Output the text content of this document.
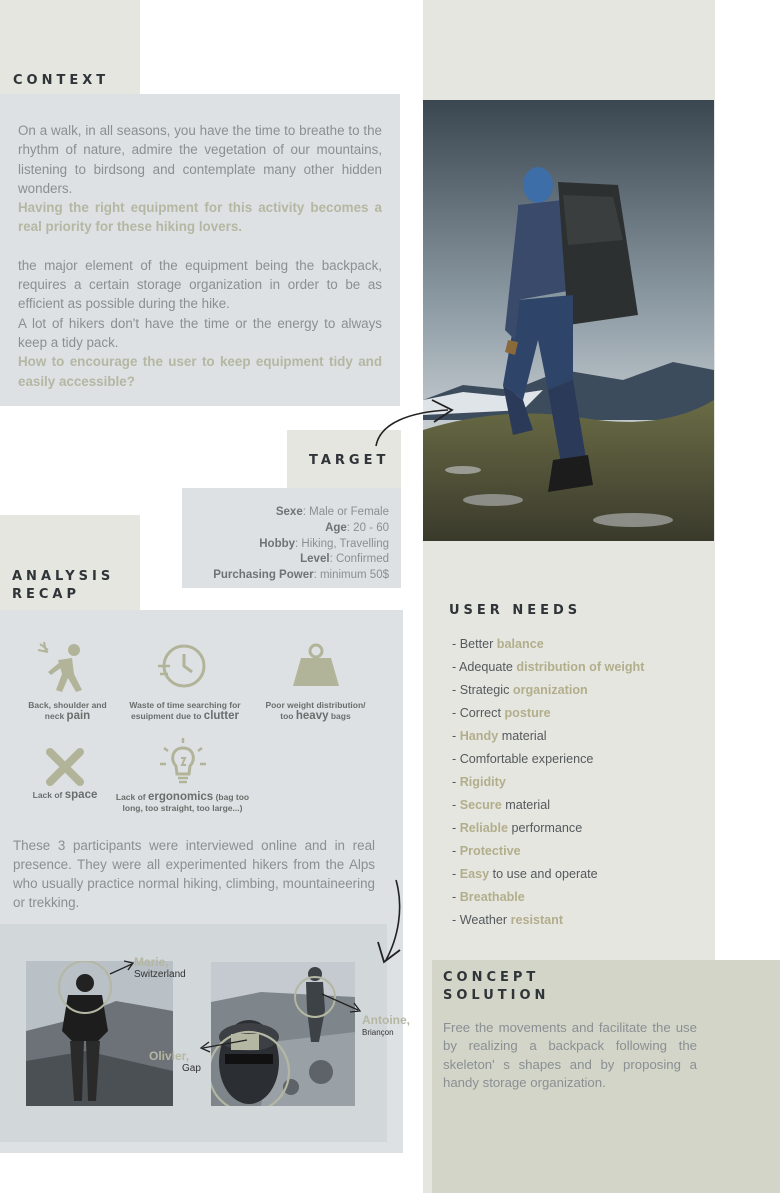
CONTEXT

On a walk, in all seasons, you have the time to breathe to the rhythm of nature, admire the vegetation of our mountains, listening to birdsong and contemplate many other hidden wonders.
Having the right equipment for this activity becomes a real priority for these hiking lovers.

the major element of the equipment being the backpack, requires a certain storage organization in order to be as efficient as possible during the hike.
A lot of hikers don't have the time or the energy to always keep a tidy pack.
How to encourage the user to keep equipment tidy and easily accessible?

TARGET
Sexe: Male or Female
Age: 20 - 60
Hobby: Hiking, Travelling
Level: Confirmed
Purchasing Power: minimum 50$
ANALYSIS
RECAP
Back, shoulder and neck pain
Waste of time searching for esuipment due to clutter
Poor weight distribution/ too heavy bags
Lack of space	Lack of ergonomics (bag too long, too straight, too large...)
These 3 participants were interviewed online and in real presence. They were all experimented hikers from the Alps who usually practice normal hiking, climbing, mountaineering or trekking.
Marie,
Switzerland
Olivier,
Gap
Antoine,
Briançon
USER NEEDS
- Better balance
- Adequate distribution of weight
- Strategic organization
- Correct posture
- Handy material
- Comfortable experience
- Rigidity
- Secure material
- Reliable performance
- Protective
- Easy to use and operate
- Breathable
- Weather resistant
CONCEPT
SOLUTION
Free the movements and facilitate the use by realizing a backpack following the skeleton' s shapes and by proposing a handy storage organization.
